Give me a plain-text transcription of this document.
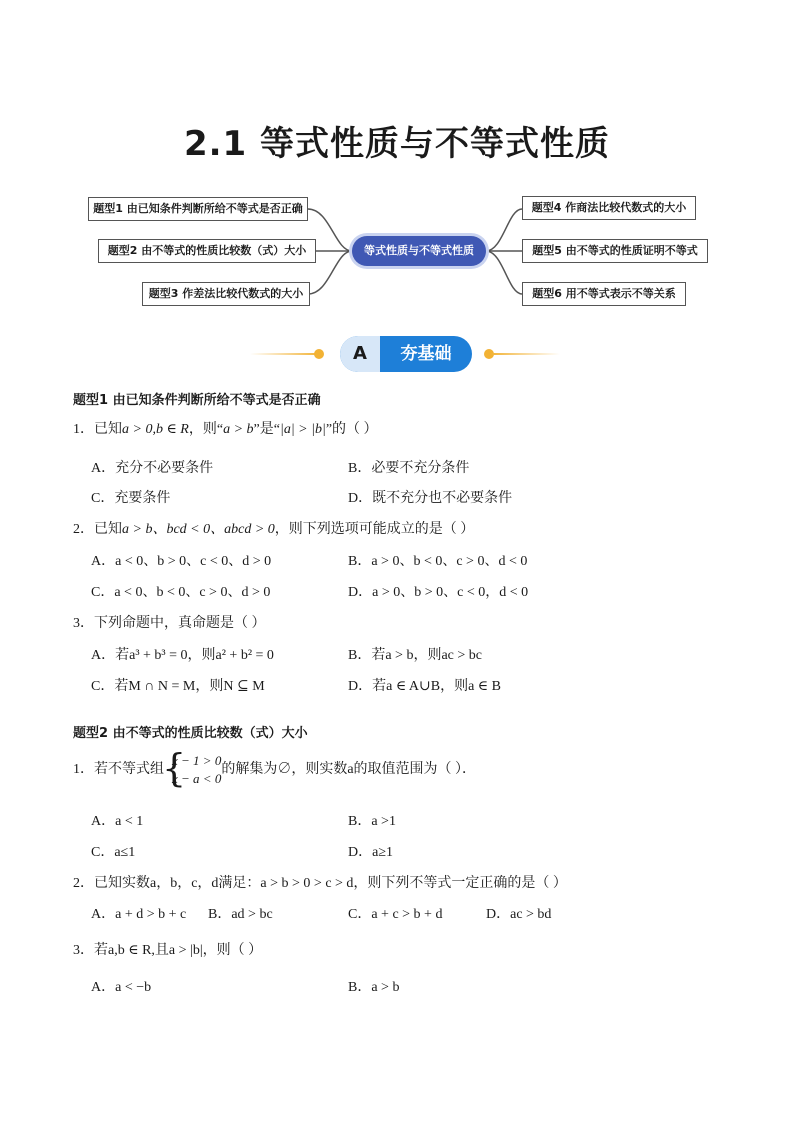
2.1 等式性质与不等式性质
题型1 由已知条件判断所给不等式是否正确
题型2 由不等式的性质比较数（式）大小
题型3 作差法比较代数式的大小
等式性质与不等式性质
题型4 作商法比较代数式的大小
题型5 由不等式的性质证明不等式
题型6 用不等式表示不等关系
A	夯基础
题型1 由已知条件判断所给不等式是否正确
1．已知a > 0,b ∈ R，则“a > b”是“|a| > |b|”的（ ）
A．充分不必要条件	B．必要不充分条件
C．充要条件	D．既不充分也不必要条件
2．已知a > b、bcd < 0、abcd > 0，则下列选项可能成立的是（ ）
A．a < 0、b > 0、c < 0、d > 0	B．a > 0、b < 0、c > 0、d < 0
C．a < 0、b < 0、c > 0、d > 0	D．a > 0、b > 0、c < 0，d < 0
3．下列命题中，真命题是（ ）
A．若a³ + b³ = 0，则a² + b² = 0	B．若a > b，则ac > bc
C．若M ∩ N = M，则N ⊆ M	D．若a ∈ A∪B，则a ∈ B
题型2 由不等式的性质比较数（式）大小
1．若不等式组
{ x − 1 > 0
x − a < 0
的解集为∅，则实数a的取值范围为（ ）．
A．a < 1	B．a >1
C．a≤1	D．a≥1
2．已知实数a，b，c，d满足：a > b > 0 > c > d，则下列不等式一定正确的是（ ）
A．a + d > b + c B．ad > bc	C．a + c > b + d	D．ac > bd
3．若a,b ∈ R,且a > |b|，则（ ）
A．a < −b	B．a > b
